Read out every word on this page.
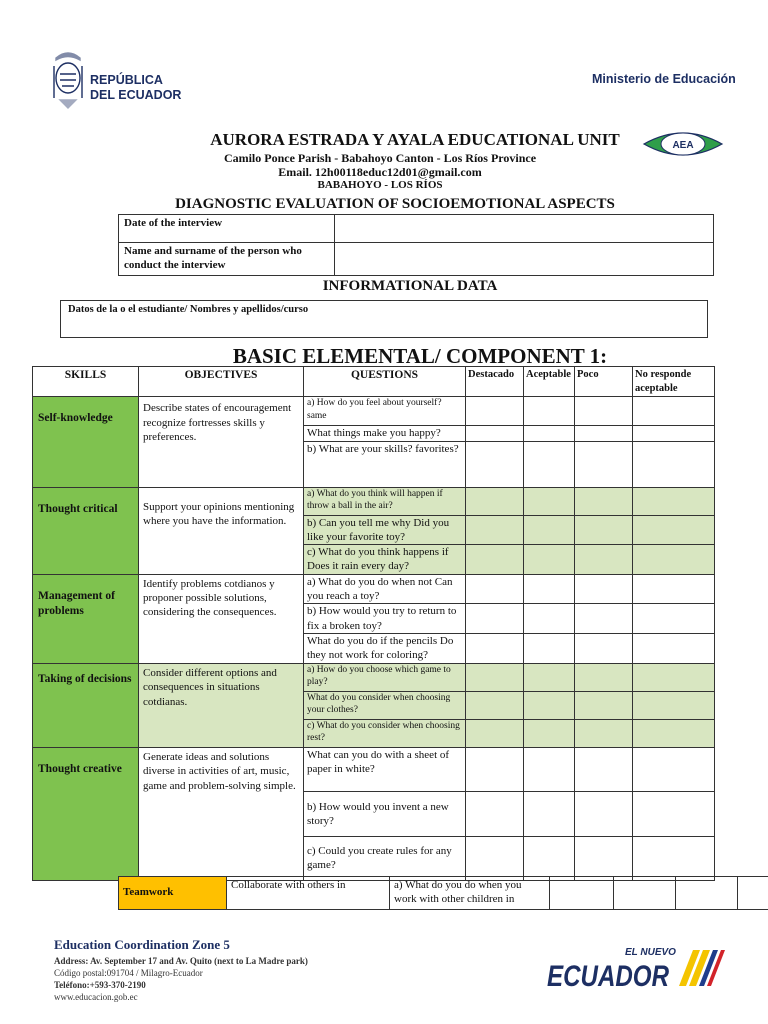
REPÚBLICA
DEL ECUADOR
Ministerio de Educación
AEA
AURORA ESTRADA Y AYALA EDUCATIONAL UNIT
Camilo Ponce Parish - Babahoyo Canton - Los Ríos Province
Email. 12h00118educ12d01@gmail.com
BABAHOYO - LOS RÍOS
DIAGNOSTIC EVALUATION OF SOCIOEMOTIONAL ASPECTS
Date of the interview	
Name and surname of the person who conduct the interview	
INFORMATIONAL DATA
Datos de la o el estudiante/ Nombres y apellidos/curso
BASIC ELEMENTAL/ COMPONENT 1:
SKILLS	OBJECTIVES	QUESTIONS	Destacado	Aceptable	Poco	No responde aceptable
Self-knowledge	Describe states of encouragement recognize fortresses skills y preferences.	a) How do you feel about yourself? same				
		What things make you happy?				
		b) What are your skills? favorites?				
Thought critical	Support your opinions mentioning where you have the information.	a) What do you think will happen if throw a ball in the air?				
		b) Can you tell me why Did you like your favorite toy?				
		c) What do you think happens if Does it rain every day?				
Management of problems	Identify problems cotdianos y proponer possible solutions, considering the consequences.	a) What do you do when not Can you reach a toy?				
		b) How would you try to return to fix a broken toy?				
		What do you do if the pencils Do they not work for coloring?				
Taking of decisions	Consider different options and consequences in situations cotdianas.	a) How do you choose which game to play?				
		What do you consider when choosing your clothes?				
		c) What do you consider when choosing rest?				
Thought creative	Generate ideas and solutions diverse in activities of art, music, game and problem-solving simple.	What can you do with a sheet of paper in white?				
		b) How would you invent a new story?				
		c) Could you create rules for any game?				
Teamwork	Collaborate with others in	a) What do you do when you work with other children in				
Education Coordination Zone 5
Address: Av. September 17 and Av. Quito (next to La Madre park)
Código postal:091704 / Milagro-Ecuador
Teléfono:+593-370-2190
www.educacion.gob.ec
EL NUEVO
ECUADOR
